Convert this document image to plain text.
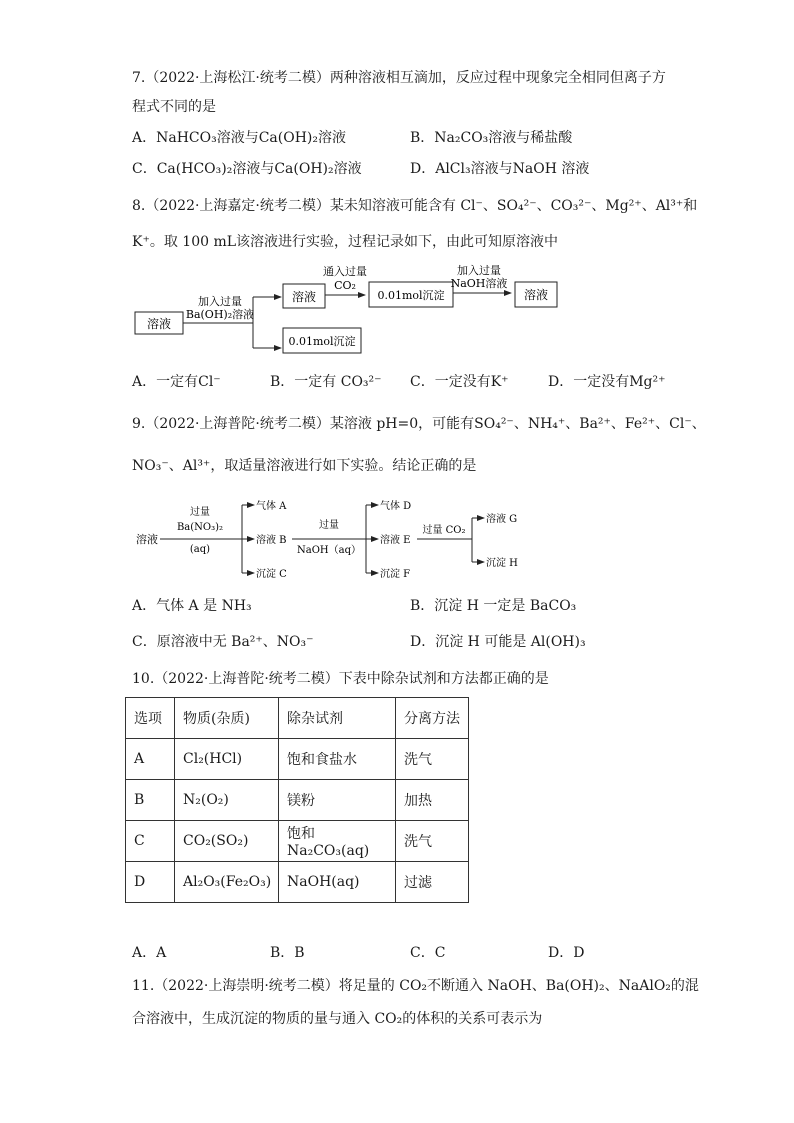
7.（2022·上海松江·统考二模）两种溶液相互滴加，反应过程中现象完全相同但离子方
程式不同的是
A．NaHCO₃溶液与Ca(OH)₂溶液	B．Na₂CO₃溶液与稀盐酸
C．Ca(HCO₃)₂溶液与Ca(OH)₂溶液	D．AlCl₃溶液与NaOH 溶液
8.（2022·上海嘉定·统考二模）某未知溶液可能含有 Cl⁻、SO₄²⁻、CO₃²⁻、Mg²⁺、Al³⁺和
K⁺。取 100 mL该溶液进行实验，过程记录如下，由此可知原溶液中
溶液
加入过量
Ba(OH)₂溶液
溶液
0.01mol沉淀
通入过量
CO₂
0.01mol沉淀
加入过量
NaOH溶液
溶液
A．一定有Cl⁻	B．一定有 CO₃²⁻ C．一定没有K⁺	D．一定没有Mg²⁺
9.（2022·上海普陀·统考二模）某溶液 pH=0，可能有SO₄²⁻、NH₄⁺、Ba²⁺、Fe²⁺、Cl⁻、
NO₃⁻、Al³⁺，取适量溶液进行如下实验。结论正确的是
溶液
过量
Ba(NO₃)₂
(aq)
气体 A
溶液 B
沉淀 C
过量
NaOH（aq）
气体 D
溶液 E
沉淀 F
过量 CO₂
溶液 G
沉淀 H
A．气体 A 是 NH₃	B．沉淀 H 一定是 BaCO₃
C．原溶液中无 Ba²⁺、NO₃⁻	D．沉淀 H 可能是 Al(OH)₃
10.（2022·上海普陀·统考二模）下表中除杂试剂和方法都正确的是
选项	物质(杂质)	除杂试剂	分离方法
A	Cl₂(HCl)	饱和食盐水	洗气
B	N₂(O₂)	镁粉	加热
C	CO₂(SO₂)	饱和Na₂CO₃(aq)	洗气
D	Al₂O₃(Fe₂O₃)	NaOH(aq)	过滤
A．A	B．B	C．C	D．D
11.（2022·上海崇明·统考二模）将足量的 CO₂不断通入 NaOH、Ba(OH)₂、NaAlO₂的混
合溶液中，生成沉淀的物质的量与通入 CO₂的体积的关系可表示为
